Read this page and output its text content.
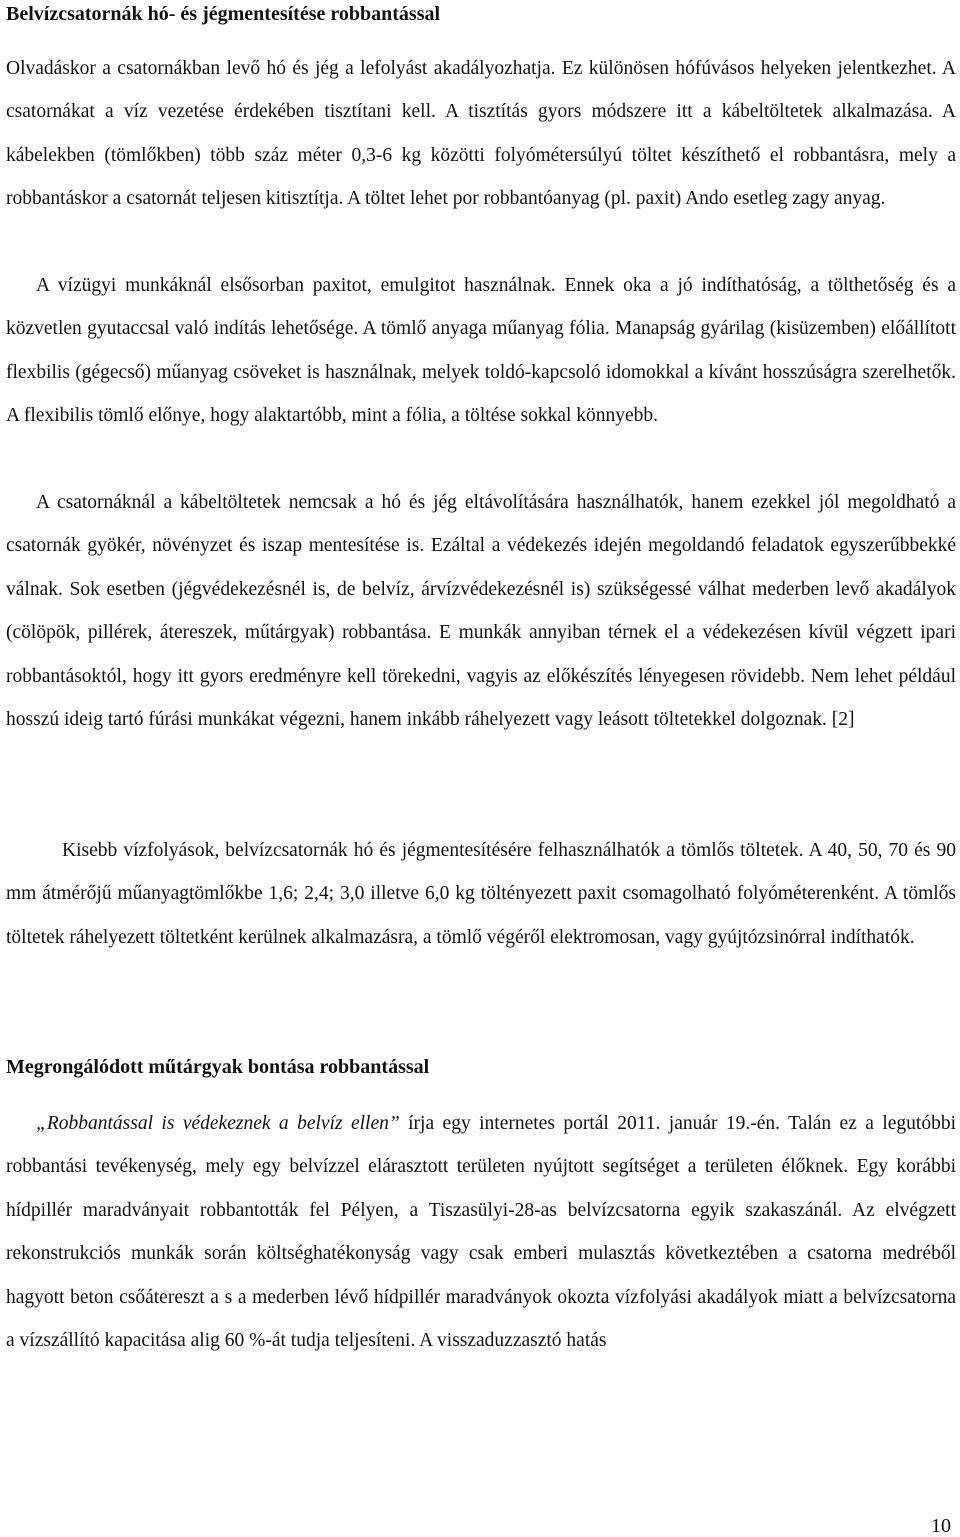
Belvízcsatornák hó- és jégmentesítése robbantással
Olvadáskor a csatornákban levő hó és jég a lefolyást akadályozhatja. Ez különösen hófúvásos helyeken jelentkezhet. A csatornákat a víz vezetése érdekében tisztítani kell. A tisztítás gyors módszere itt a kábeltöltetek alkalmazása. A kábelekben (tömlőkben) több száz méter 0,3-6 kg közötti folyómétersúlyú töltet készíthető el robbantásra, mely a robbantáskor a csatornát teljesen kitisztítja. A töltet lehet por robbantóanyag (pl. paxit) Ando esetleg zagy anyag.
A vízügyi munkáknál elsősorban paxitot, emulgitot használnak. Ennek oka a jó indíthatóság, a tölthetőség és a közvetlen gyutaccsal való indítás lehetősége. A tömlő anyaga műanyag fólia. Manapság gyárilag (kisüzemben) előállított flexbilis (gégecső) műanyag csöveket is használnak, melyek toldó-kapcsoló idomokkal a kívánt hosszúságra szerelhetők. A flexibilis tömlő előnye, hogy alaktartóbb, mint a fólia, a töltése sokkal könnyebb.
A csatornáknál a kábeltöltetek nemcsak a hó és jég eltávolítására használhatók, hanem ezekkel jól megoldható a csatornák gyökér, növényzet és iszap mentesítése is. Ezáltal a védekezés idején megoldandó feladatok egyszerűbbekké válnak. Sok esetben (jégvédekezésnél is, de belvíz, árvízvédekezésnél is) szükségessé válhat mederben levő akadályok (cölöpök, pillérek, átereszek, műtárgyak) robbantása. E munkák annyiban térnek el a védekezésen kívül végzett ipari robbantásoktól, hogy itt gyors eredményre kell törekedni, vagyis az előkészítés lényegesen rövidebb. Nem lehet például hosszú ideig tartó fúrási munkákat végezni, hanem inkább ráhelyezett vagy leásott töltetekkel dolgoznak. [2]
Kisebb vízfolyások, belvízcsatornák hó és jégmentesítésére felhasználhatók a tömlős töltetek. A 40, 50, 70 és 90 mm átmérőjű műanyagtömlőkbe 1,6; 2,4; 3,0 illetve 6,0 kg töltényezett paxit csomagolható folyóméterenként. A tömlős töltetek ráhelyezett töltetként kerülnek alkalmazásra, a tömlő végéről elektromosan, vagy gyújtózsinórral indíthatók.
Megrongálódott műtárgyak bontása robbantással
„Robbantással is védekeznek a belvíz ellen” írja egy internetes portál 2011. január 19.-én. Talán ez a legutóbbi robbantási tevékenység, mely egy belvízzel elárasztott területen nyújtott segítséget a területen élőknek. Egy korábbi hídpillér maradványait robbantották fel Pélyen, a Tiszasülyi-28-as belvízcsatorna egyik szakaszánál. Az elvégzett rekonstrukciós munkák során költséghatékonyság vagy csak emberi mulasztás következtében a csatorna medréből hagyott beton csőátereszt a s a mederben lévő hídpillér maradványok okozta vízfolyási akadályok miatt a belvízcsatorna a vízszállító kapacitása alig 60 %-át tudja teljesíteni. A visszaduzzasztó hatás
10
